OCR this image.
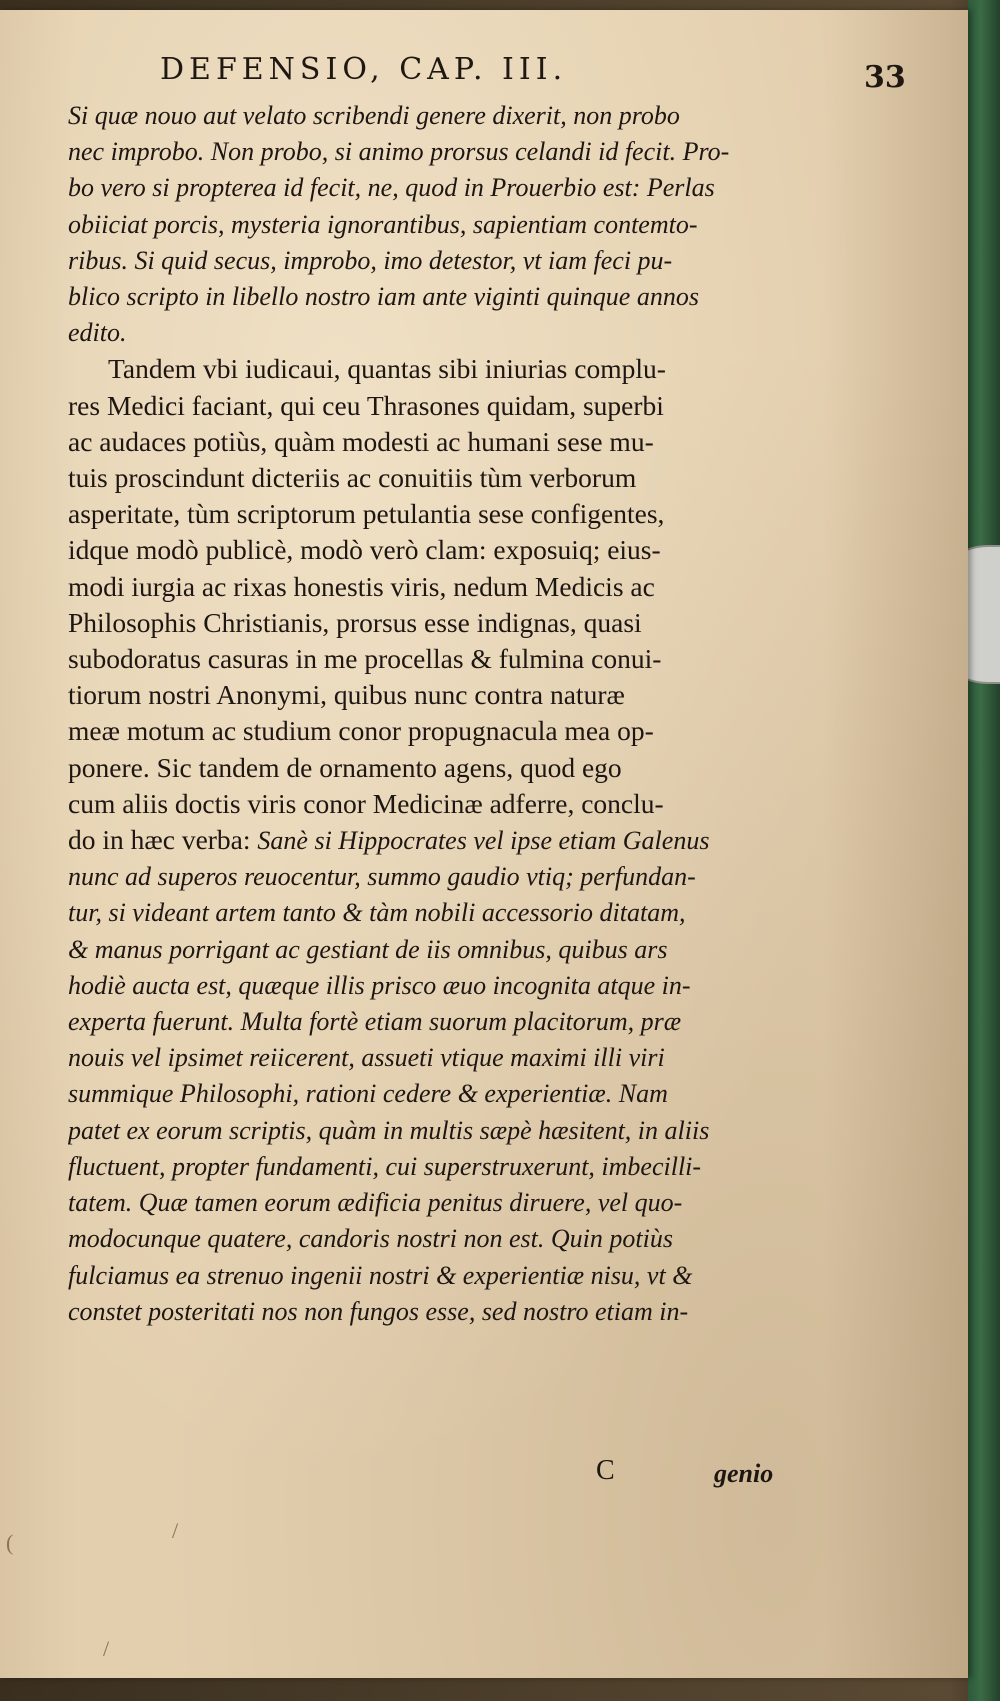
DEFENSIO, CAP. III.	33

Si quæ nouo aut velato scribendi genere dixerit, non probo
nec improbo. Non probo, si animo prorsus celandi id fecit. Pro-
bo vero si propterea id fecit, ne, quod in Prouerbio est: Perlas
obiiciat porcis, mysteria ignorantibus, sapientiam contemto-
ribus. Si quid secus, improbo, imo detestor, vt iam feci pu-
blico scripto in libello nostro iam ante viginti quinque annos
edito.

Tandem vbi iudicaui, quantas sibi iniurias complu-
res Medici faciant, qui ceu Thrasones quidam, superbi
ac audaces potiùs, quàm modesti ac humani sese mu-
tuis proscindunt dicteriis ac conuitiis tùm verborum
asperitate, tùm scriptorum petulantia sese configentes,
idque modò publicè, modò verò clam: exposuiq; eius-
modi iurgia ac rixas honestis viris, nedum Medicis ac
Philosophis Christianis, prorsus esse indignas, quasi
subodoratus casuras in me procellas & fulmina conui-
tiorum nostri Anonymi, quibus nunc contra naturæ
meæ motum ac studium conor propugnacula mea op-
ponere. Sic tandem de ornamento agens, quod ego
cum aliis doctis viris conor Medicinæ adferre, conclu-
do in hæc verba: Sanè si Hippocrates vel ipse etiam Galenus

nunc ad superos reuocentur, summo gaudio vtiq; perfundan-
tur, si videant artem tanto & tàm nobili accessorio ditatam,
& manus porrigant ac gestiant de iis omnibus, quibus ars
hodiè aucta est, quæque illis prisco æuo incognita atque in-
experta fuerunt. Multa fortè etiam suorum placitorum, præ
nouis vel ipsimet reiicerent, assueti vtique maximi illi viri
summique Philosophi, rationi cedere & experientiæ. Nam
patet ex eorum scriptis, quàm in multis sæpè hæsitent, in aliis
fluctuent, propter fundamenti, cui superstruxerunt, imbecilli-
tatem. Quæ tamen eorum ædificia penitus diruere, vel quo-
modocunque quatere, candoris nostri non est. Quin potiùs
fulciamus ea strenuo ingenii nostri & experientiæ nisu, vt &
constet posteritati nos non fungos esse, sed nostro etiam in-

C	genio
/
/
(
